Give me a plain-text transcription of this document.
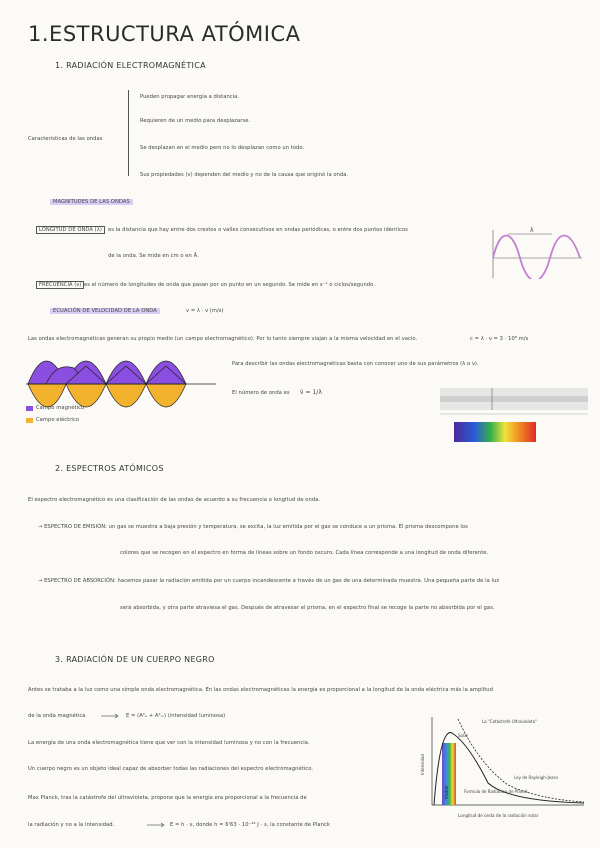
1.ESTRUCTURA ATÓMICA
1. RADIACIÓN ELECTROMAGNÉTICA
Características de las ondas
Pueden propagar energía a distancia.
Requieren de un medio para desplazarse.
Se desplazan en el medio pero no lo desplazan como un todo.
Sus propiedades (v) dependen del medio y no de la causa que originó la onda.
MAGNITUDES DE LAS ONDAS
LONGITUD DE ONDA (λ)	es la distancia que hay entre dos crestos o valles consecutivos en ondas periódicas, o entre dos puntos idénticos
de la onda. Se mide en cm o en Å.
FRECUENCIA (ν) es el número de longitudes de onda que pasan por un punto en un segundo. Se mide en s⁻¹ o ciclos/segundo.
ECUACIÓN DE VELOCIDAD DE LA ONDA	v = λ · ν (m/s)
λ
Las ondas electromagnéticas generan su propio medio (un campo electromagnético). Por lo tanto siempre viajan a la misma velocidad en el vacío.	c = λ · ν = 3 · 10⁸ m/s
Campo magnético
Campo eléctrico
Para describir las ondas electromagnéticas basta con conocer uno de sus parámetros (λ o ν).
El número de onda es ν̄ = 1/λ
2. ESPECTROS ATÓMICOS
El espectro electromagnético es una clasificación de las ondas de acuerdo a su frecuencia o longitud de onda.
→ ESPECTRO DE EMISIÓN: un gas se muestra a baja presión y temperatura, se excita, la luz emitida por el gas se conduce a un prisma. El prisma descompone los
colores que se recogen en el espectro en forma de líneas sobre un fondo oscuro. Cada línea corresponde a una longitud de onda diferente.
→ ESPECTRO DE ABSORCIÓN: hacemos pasar la radiación emitida por un cuerpo incandescente a través de un gas de una determinada muestra. Una pequeña parte de la luz
será absorbida, y otra parte atraviesa el gas. Después de atravesar el prisma, en el espectro final se recoge la parte no absorbida por el gas.
3. RADIACIÓN DE UN CUERPO NEGRO
Antes se trataba a la luz como una simple onda electromagnética. En las ondas electromagnéticas la energía es proporcional a la longitud de la onda eléctrica más la amplitud
de la onda magnética	E = (A²ₑ + A²ₘ) (intensidad luminosa)
La energía de una onda electromagnética tiene que ver con la intensidad luminosa y no con la frecuencia.
Un cuerpo negro es un objeto ideal capaz de absorber todas las radiaciones del espectro electromagnético.
Max Planck, tras la catástrofe del ultravioleta, propone que la energía era proporcional a la frecuencia de
la radiación y no a la intensidad.	E = h · ν, donde h = 6'63 · 10⁻³⁴ J · s, la constante de Planck
La "Catástrofe Ultravioleta"
Solar
Ley de Rayleigh-Jeans
Intensidad
Visible	Formula de Radiacion de Planck
Longitud de onda de la radiación solar
